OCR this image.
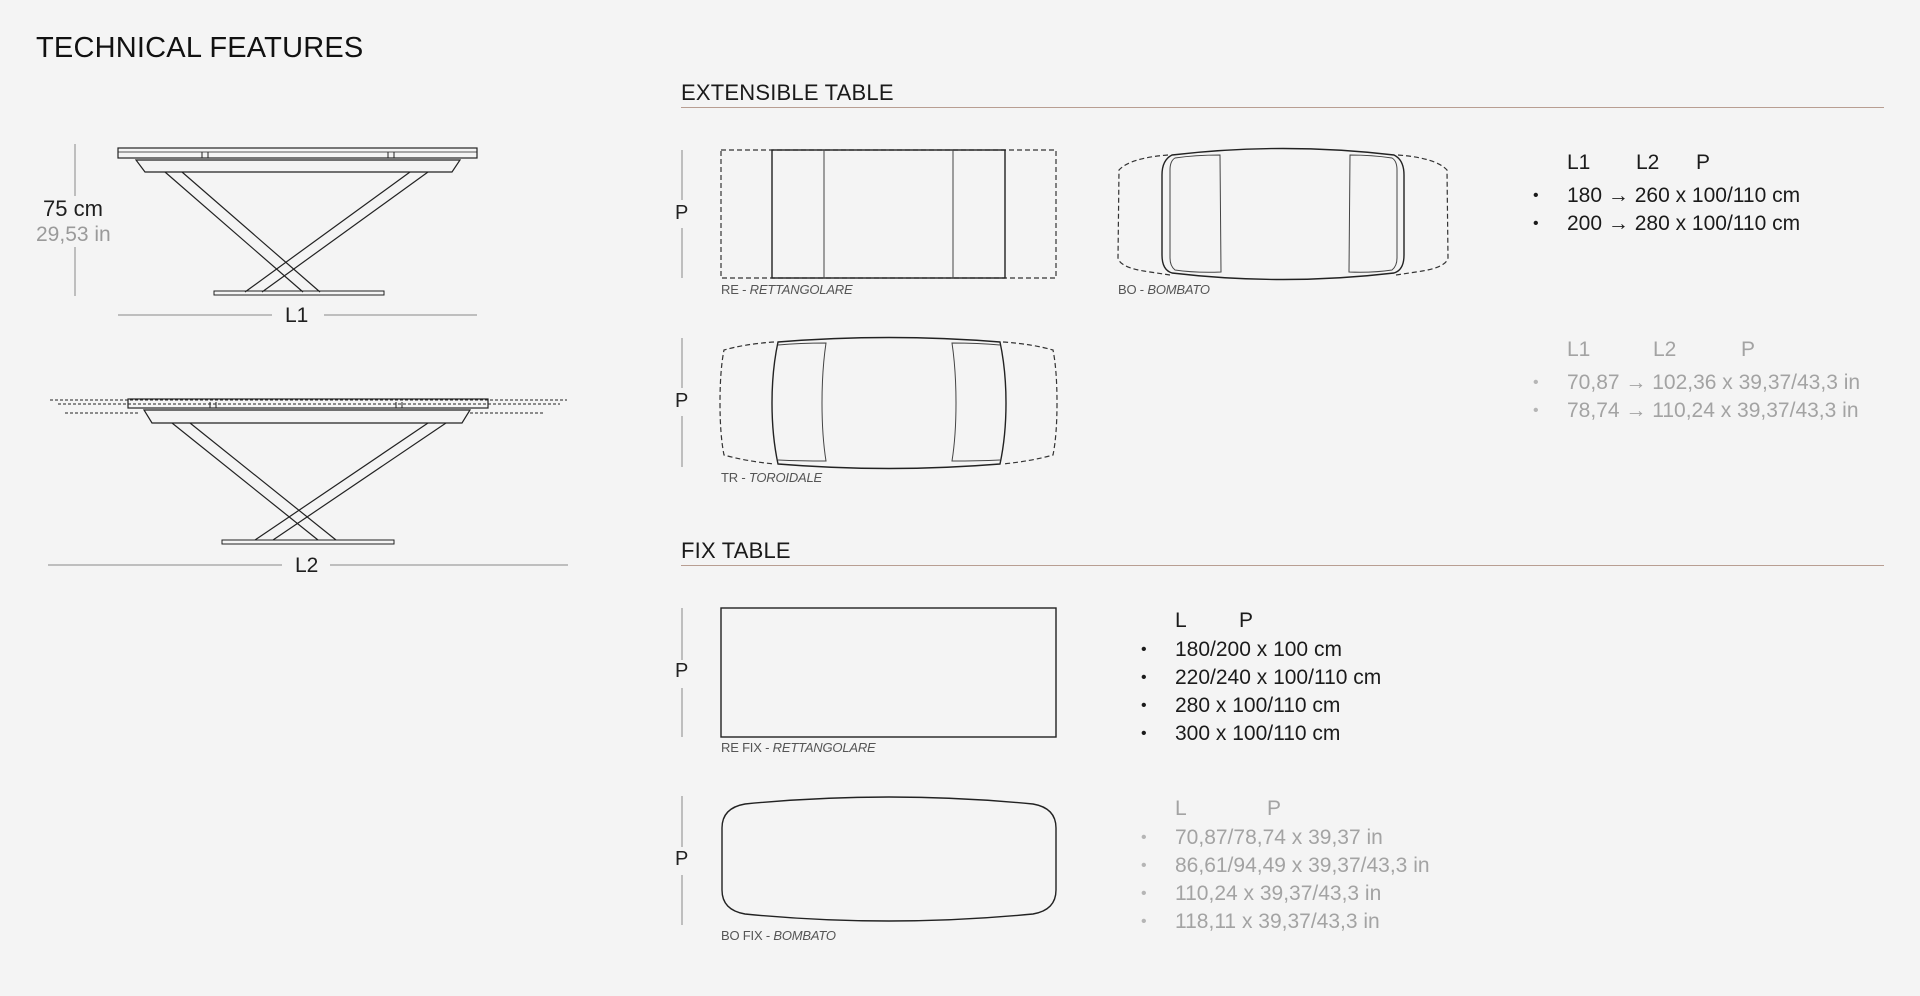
TECHNICAL FEATURES
75 cm
29,53 in
L1
L2
EXTENSIBLE TABLE
P
P
RE - RETTANGOLARE	BO - BOMBATO
TR - TOROIDALE
L1 L2 P
• 180 → 260 x 100/110 cm
• 200 → 280 x 100/110 cm
L1	L2	P
• 70,87 → 102,36 x 39,37/43,3 in
• 78,74 → 110,24 x 39,37/43,3 in
FIX TABLE
P
P
RE FIX - RETTANGOLARE
BO FIX - BOMBATO
L P
• 180/200 x 100 cm
• 220/240 x 100/110 cm
• 280 x 100/110 cm
• 300 x 100/110 cm
L	P
• 70,87/78,74 x 39,37 in
• 86,61/94,49 x 39,37/43,3 in
• 110,24 x 39,37/43,3 in
• 118,11 x 39,37/43,3 in
